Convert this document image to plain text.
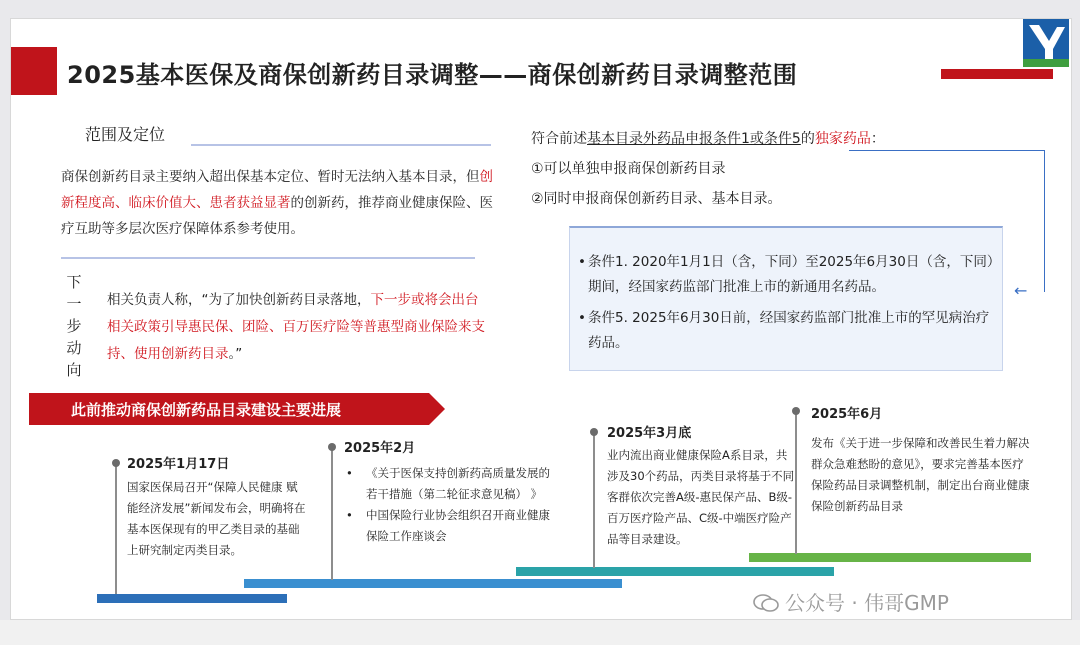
2025基本医保及商保创新药目录调整——商保创新药目录调整范围
范围及定位
商保创新药目录主要纳入超出保基本定位、暂时无法纳入基本目录，但创新程度高、临床价值大、患者获益显著的创新药，推荐商业健康保险、医疗互助等多层次医疗保障体系参考使用。
下
一
步
动
向
相关负责人称，“为了加快创新药目录落地，下一步或将会出台相关政策引导惠民保、团险、百万医疗险等普惠型商业保险来支持、使用创新药目录。”
符合前述基本目录外药品申报条件1或条件5的独家药品：
①可以单独申报商保创新药目录
②同时申报商保创新药目录、基本目录。
←
• 条件1. 2020年1月1日（含，下同）至2025年6月30日（含，下同）期间，经国家药监部门批准上市的新通用名药品。
• 条件5. 2025年6月30日前，经国家药监部门批准上市的罕见病治疗药品。
此前推动商保创新药品目录建设主要进展
2025年1月17日
国家医保局召开“保障人民健康 赋能经济发展”新闻发布会，明确将在基本医保现有的甲乙类目录的基础上研究制定丙类目录。
2025年2月
• 《关于医保支持创新药高质量发展的若干措施（第二轮征求意见稿） 》
• 中国保险行业协会组织召开商业健康保险工作座谈会
2025年3月底
业内流出商业健康保险A系目录，共涉及30个药品，丙类目录将基于不同客群依次完善A级-惠民保产品、B级-百万医疗险产品、C级-中端医疗险产品等目录建设。
2025年6月
发布《关于进一步保障和改善民生着力解决群众急难愁盼的意见》，要求完善基本医疗保险药品目录调整机制，制定出台商业健康保险创新药品目录
公众号 · 伟哥GMP
